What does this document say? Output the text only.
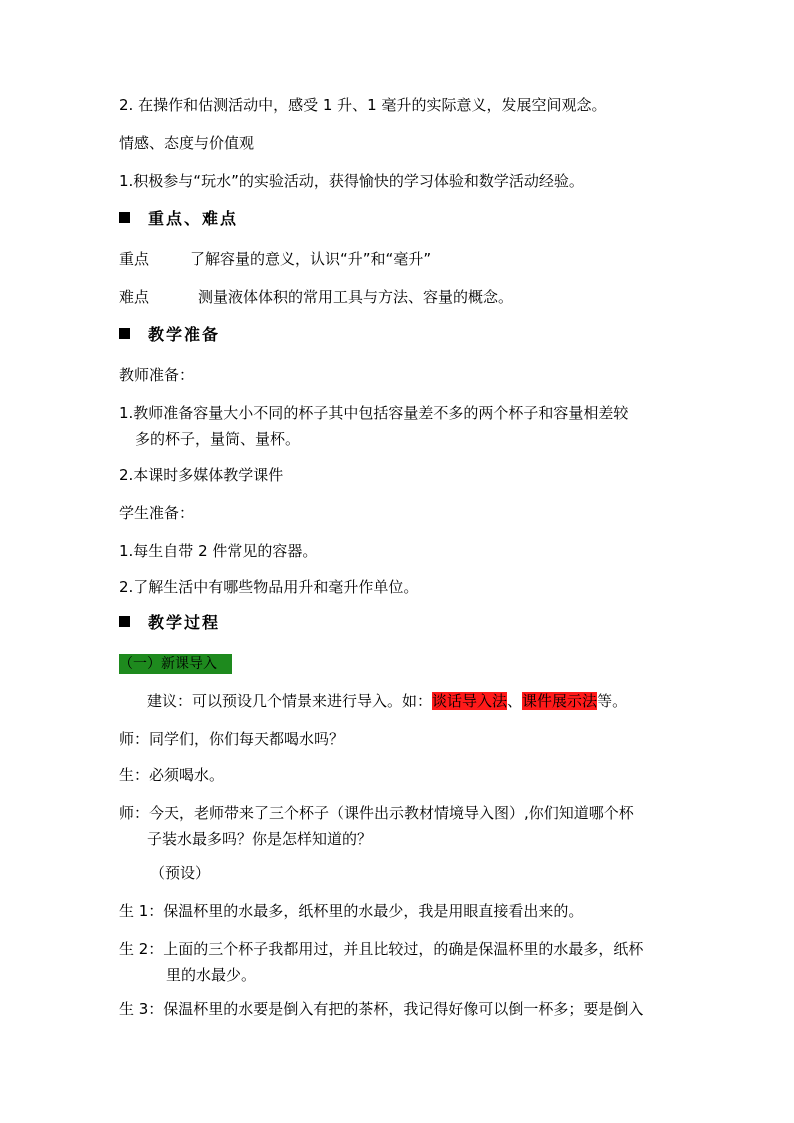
2. 在操作和估测活动中，感受 1 升、1 毫升的实际意义，发展空间观念。
情感、态度与价值观
1.积极参与“玩水”的实验活动，获得愉快的学习体验和数学活动经验。
重点、难点
重点	了解容量的意义，认识“升”和“毫升”
难点	测量液体体积的常用工具与方法、容量的概念。
教学准备
教师准备：
1.教师准备容量大小不同的杯子其中包括容量差不多的两个杯子和容量相差较
多的杯子，量筒、量杯。
2.本课时多媒体教学课件
学生准备：
1.每生自带 2 件常见的容器。
2.了解生活中有哪些物品用升和毫升作单位。
教学过程
（一）新课导入
建议：可以预设几个情景来进行导入。如：谈话导入法、课件展示法等。
师：同学们，你们每天都喝水吗？
生：必须喝水。
师：今天，老师带来了三个杯子（课件出示教材情境导入图）,你们知道哪个杯
子装水最多吗？你是怎样知道的？
（预设）
生 1：保温杯里的水最多，纸杯里的水最少，我是用眼直接看出来的。
生 2：上面的三个杯子我都用过，并且比较过，的确是保温杯里的水最多，纸杯
里的水最少。
生 3：保温杯里的水要是倒入有把的茶杯，我记得好像可以倒一杯多；要是倒入
